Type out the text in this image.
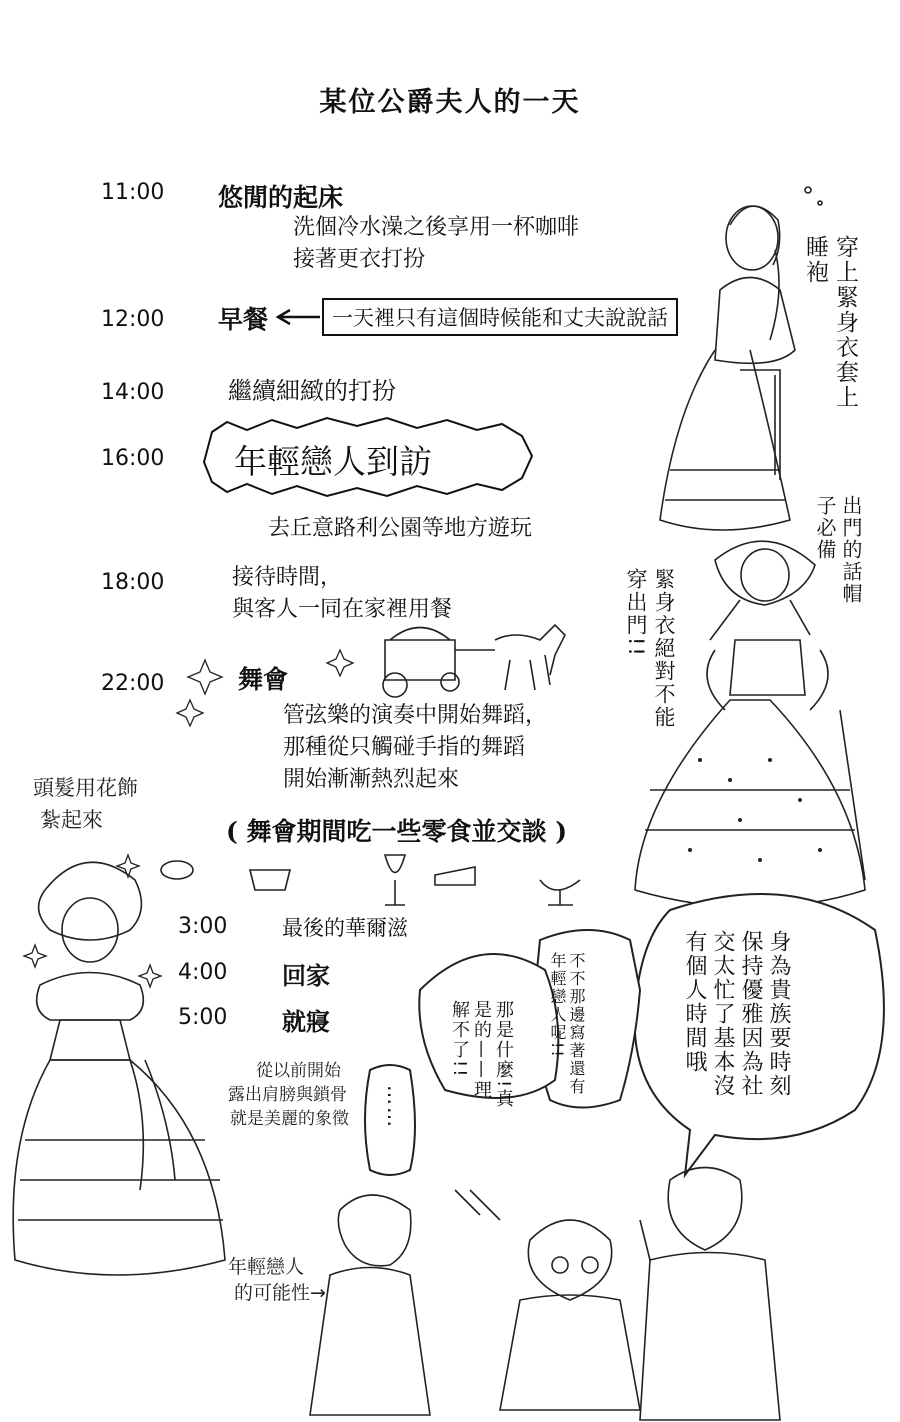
某位公爵夫人的一天
11:00 悠閒的起床
洗個冷水澡之後享用一杯咖啡
接著更衣打扮
12:00 早餐	一天裡只有這個時候能和丈夫說說話
14:00	繼續細緻的打扮
16:00 年輕戀人到訪
去丘意路利公園等地方遊玩
18:00	接待時間，
與客人一同在家裡用餐
22:00	舞會
管弦樂的演奏中開始舞蹈，
那種從只觸碰手指的舞蹈
開始漸漸熱烈起來
( 舞會期間吃一些零食並交談 )
3:00	最後的華爾滋
4:00 回家
5:00 就寢
穿上緊身衣套上睡袍
出門的話帽子必備
緊身衣絕對不能穿出門!!
頭髮用花飾
紮起來
從以前開始
露出肩膀與鎖骨
就是美麗的象徵
年輕戀人
的可能性→
身為貴族要時刻保持優雅因為社交太忙了基本沒有個人時間哦
不不那邊寫著還有年輕戀人呢!!
那是什麼!真是的——理解不了!!
……
